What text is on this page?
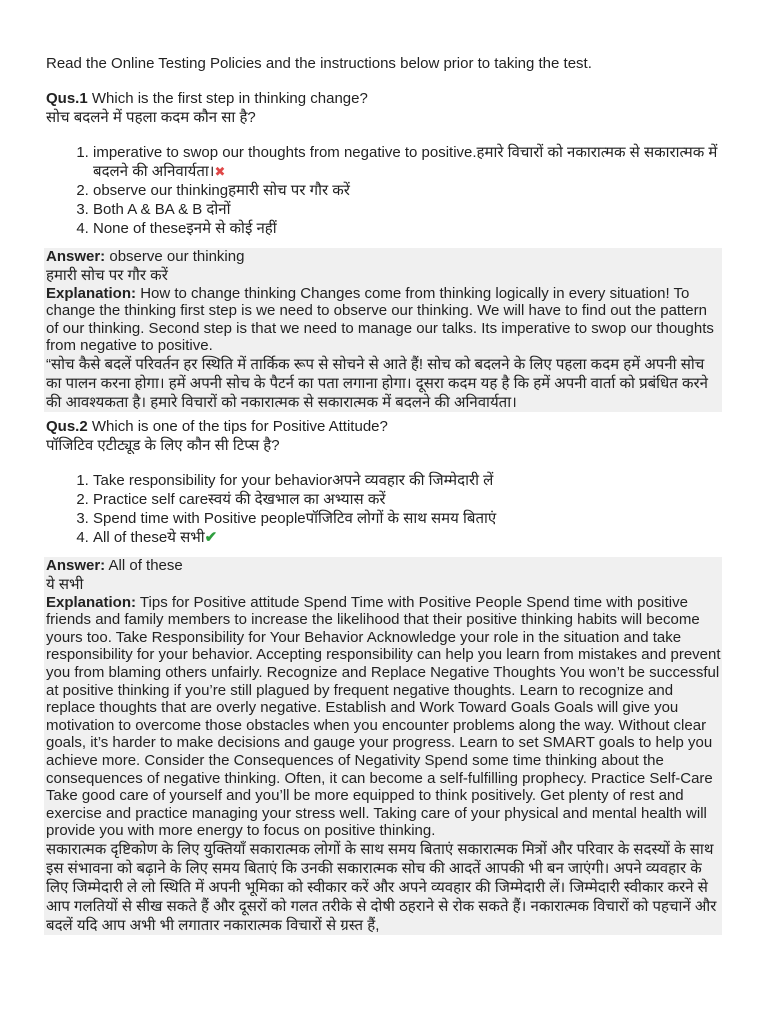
Read the Online Testing Policies and the instructions below prior to taking the test.

Qus.1 Which is the first step in thinking change?
सोच बदलने में पहला कदम कौन सा है?
1. imperative to swop our thoughts from negative to positive.हमारे विचारों को नकारात्मक से सकारात्मक में बदलने की अनिवार्यता।✖
2. observe our thinkingहमारी सोच पर गौर करें
3. Both A & BA & B दोनों
4. None of theseइनमे से कोई नहीं
Answer: observe our thinking
हमारी सोच पर गौर करें
Explanation: How to change thinking Changes come from thinking logically in every situation! To change the thinking first step is we need to observe our thinking. We will have to find out the pattern of our thinking. Second step is that we need to manage our talks. Its imperative to swop our thoughts from negative to positive.
“सोच कैसे बदलें परिवर्तन हर स्थिति में तार्किक रूप से सोचने से आते हैं! सोच को बदलने के लिए पहला कदम हमें अपनी सोच का पालन करना होगा। हमें अपनी सोच के पैटर्न का पता लगाना होगा। दूसरा कदम यह है कि हमें अपनी वार्ता को प्रबंधित करने की आवश्यकता है। हमारे विचारों को नकारात्मक से सकारात्मक में बदलने की अनिवार्यता।
Qus.2 Which is one of the tips for Positive Attitude?
पॉजिटिव एटीट्यूड के लिए कौन सी टिप्स है?
1. Take responsibility for your behaviorअपने व्यवहार की जिम्मेदारी लें
2. Practice self careस्वयं की देखभाल का अभ्यास करें
3. Spend time with Positive peopleपॉजिटिव लोगों के साथ समय बिताएं
4. All of theseये सभी✔
Answer: All of these
ये सभी
Explanation: Tips for Positive attitude Spend Time with Positive People Spend time with positive friends and family members to increase the likelihood that their positive thinking habits will become yours too. Take Responsibility for Your Behavior Acknowledge your role in the situation and take responsibility for your behavior. Accepting responsibility can help you learn from mistakes and prevent you from blaming others unfairly. Recognize and Replace Negative Thoughts You won’t be successful at positive thinking if you’re still plagued by frequent negative thoughts. Learn to recognize and replace thoughts that are overly negative. Establish and Work Toward Goals Goals will give you motivation to overcome those obstacles when you encounter problems along the way. Without clear goals, it’s harder to make decisions and gauge your progress. Learn to set SMART goals to help you achieve more. Consider the Consequences of Negativity Spend some time thinking about the consequences of negative thinking. Often, it can become a self-fulfilling prophecy. Practice Self-Care Take good care of yourself and you’ll be more equipped to think positively. Get plenty of rest and exercise and practice managing your stress well. Taking care of your physical and mental health will provide you with more energy to focus on positive thinking.
सकारात्मक दृष्टिकोण के लिए युक्तियाँ सकारात्मक लोगों के साथ समय बिताएं सकारात्मक मित्रों और परिवार के सदस्यों के साथ इस संभावना को बढ़ाने के लिए समय बिताएं कि उनकी सकारात्मक सोच की आदतें आपकी भी बन जाएंगी। अपने व्यवहार के लिए जिम्मेदारी ले लो स्थिति में अपनी भूमिका को स्वीकार करें और अपने व्यवहार की जिम्मेदारी लें। जिम्मेदारी स्वीकार करने से आप गलतियों से सीख सकते हैं और दूसरों को गलत तरीके से दोषी ठहराने से रोक सकते हैं। नकारात्मक विचारों को पहचानें और बदलें यदि आप अभी भी लगातार नकारात्मक विचारों से ग्रस्त हैं,
